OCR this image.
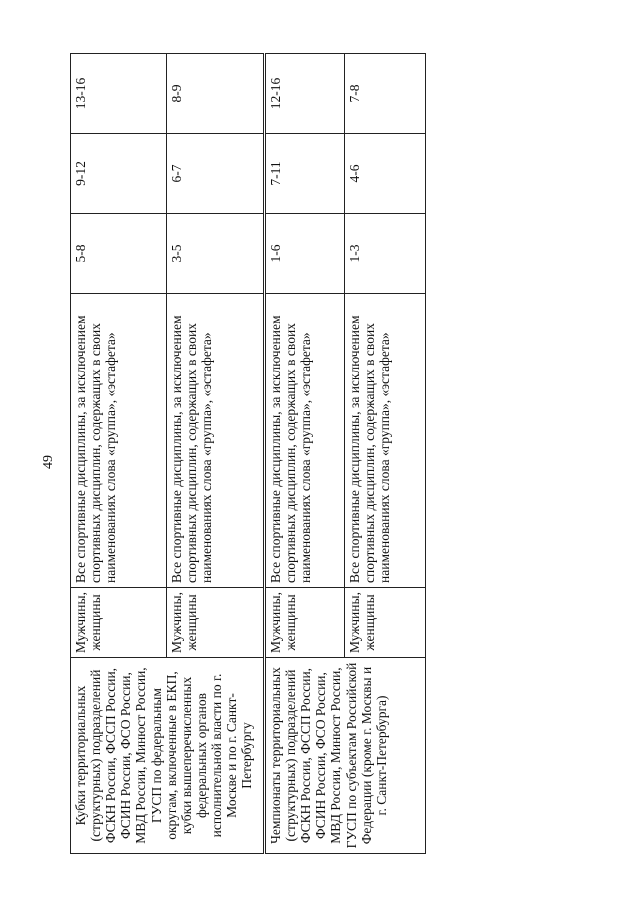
49
Кубки территориальных (структурных) подразделений ФСКН России, ФССП России, ФСИН России, ФСО России, МВД России, Минюст России, ГУСП по федеральным округам, включенные в ЕКП, кубки вышеперечисленных федеральных органов исполнительной власти по г. Москве и по г. Санкт-Петербургу	Мужчины, женщины	Все спортивные дисциплины, за исключением спортивных дисциплин, содержащих в своих наименованиях слова «группа», «эстафета»	5-8	9-12	13-16
	Мужчины, женщины	Все спортивные дисциплины, за исключением спортивных дисциплин, содержащих в своих наименованиях слова «группа», «эстафета»	3-5	6-7	8-9
Чемпионаты территориальных (структурных) подразделений ФСКН России, ФССП России, ФСИН России, ФСО России, МВД России, Минюст России, ГУСП по субъектам Российской Федерации (кроме г. Москвы и г. Санкт-Петербурга)	Мужчины, женщины	Все спортивные дисциплины, за исключением спортивных дисциплин, содержащих в своих наименованиях слова «группа», «эстафета»	1-6	7-11	12-16
	Мужчины, женщины	Все спортивные дисциплины, за исключением спортивных дисциплин, содержащих в своих наименованиях слова «группа», «эстафета»	1-3	4-6	7-8
